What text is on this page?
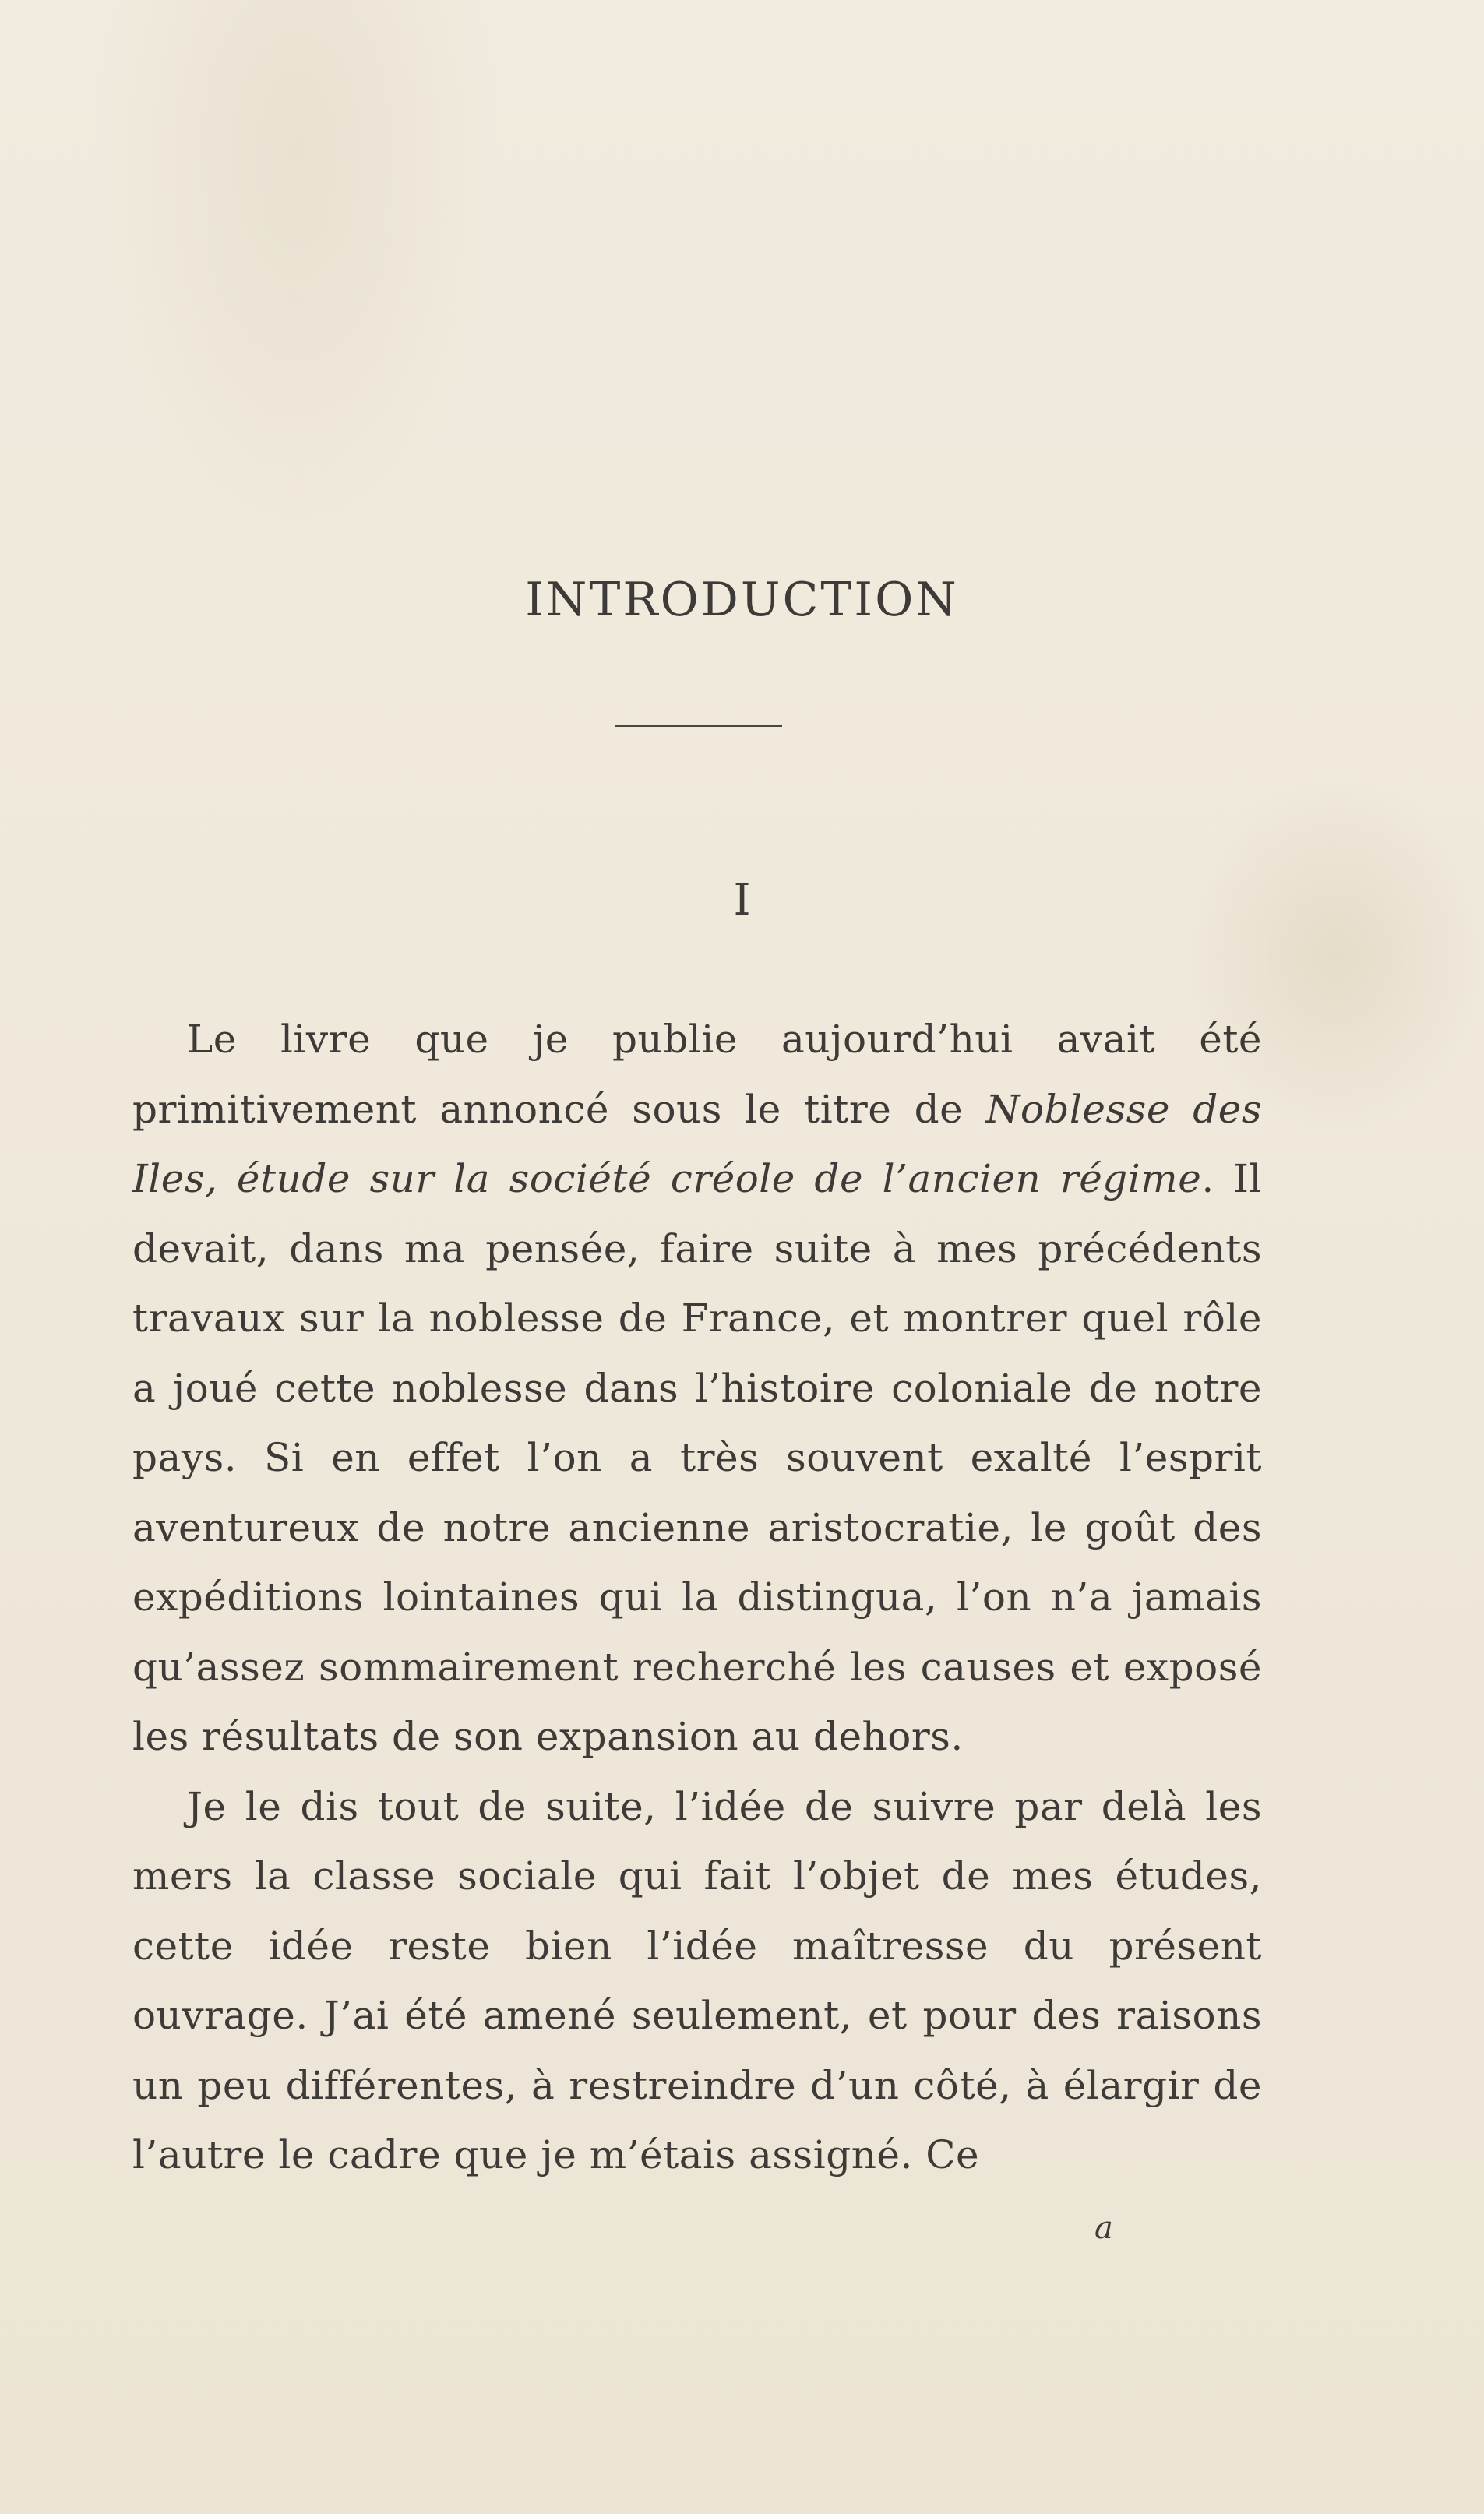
INTRODUCTION
I

Le livre que je publie aujourd’hui avait été primitivement annoncé sous le titre de Noblesse des Iles, étude sur la société créole de l’ancien régime. Il devait, dans ma pensée, faire suite à mes précédents travaux sur la noblesse de France, et montrer quel rôle a joué cette noblesse dans l’histoire coloniale de notre pays. Si en effet l’on a très souvent exalté l’esprit aventureux de notre ancienne aristocratie, le goût des expéditions lointaines qui la distingua, l’on n’a jamais qu’assez sommairement recherché les causes et exposé les résultats de son expansion au dehors.

Je le dis tout de suite, l’idée de suivre par delà les mers la classe sociale qui fait l’objet de mes études, cette idée reste bien l’idée maîtresse du présent ouvrage. J’ai été amené seulement, et pour des raisons un peu différentes, à restreindre d’un côté, à élargir de l’autre le cadre que je m’étais assigné. Ce

a
